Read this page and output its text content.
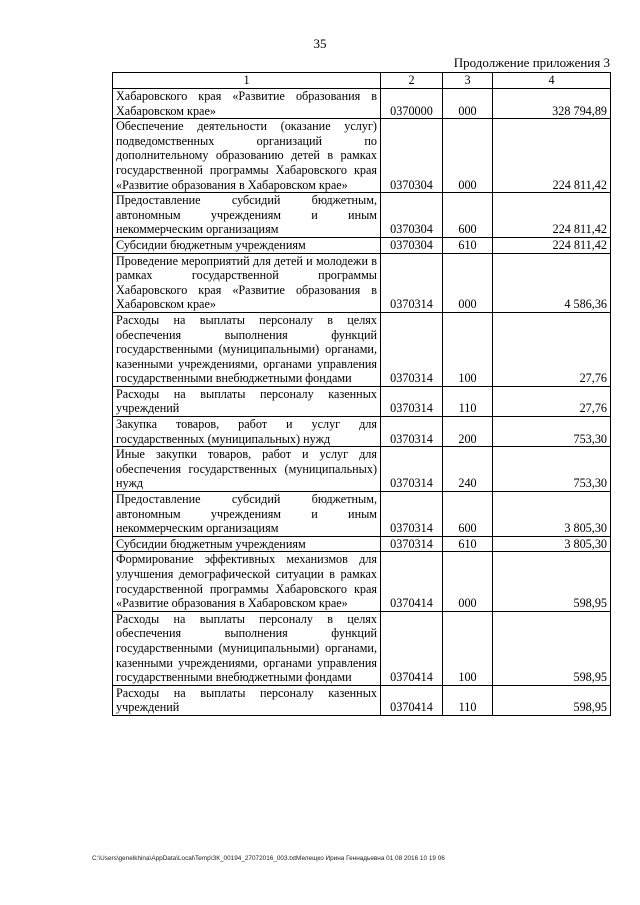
35
Продолжение приложения 3
1	2	3	4
Хабаровского края «Развитие образования в Хабаровском крае»	0370000	000	328 794,89
Обеспечение деятельности (оказание услуг) подведомственных организаций по дополнительному образованию детей в рамках государственной программы Хабаровского края «Развитие образования в Хабаровском крае»	0370304	000	224 811,42
Предоставление субсидий бюджетным, автономным учреждениям и иным некоммерческим организациям	0370304	600	224 811,42
Субсидии бюджетным учреждениям	0370304	610	224 811,42
Проведение мероприятий для детей и молодежи в рамках государственной программы Хабаровского края «Развитие образования в Хабаровском крае»	0370314	000	4 586,36
Расходы на выплаты персоналу в целях обеспечения выполнения функций государственными (муниципальными) органами, казенными учреждениями, органами управления государственными внебюджетными фондами	0370314	100	27,76
Расходы на выплаты персоналу казенных учреждений	0370314	110	27,76
Закупка товаров, работ и услуг для государственных (муниципальных) нужд	0370314	200	753,30
Иные закупки товаров, работ и услуг для обеспечения государственных (муниципальных) нужд	0370314	240	753,30
Предоставление субсидий бюджетным, автономным учреждениям и иным некоммерческим организациям	0370314	600	3 805,30
Субсидии бюджетным учреждениям	0370314	610	3 805,30
Формирование эффективных механизмов для улучшения демографической ситуации в рамках государственной программы Хабаровского края «Развитие образования в Хабаровском крае»	0370414	000	598,95
Расходы на выплаты персоналу в целях обеспечения выполнения функций государственными (муниципальными) органами, казенными учреждениями, органами управления государственными внебюджетными фондами	0370414	100	598,95
Расходы на выплаты персоналу казенных учреждений	0370414	110	598,95
C:\Users\genelkhina\AppData\Local\Temp\ЗК_00194_27072016_003.txtМелещко Ирина Геннадьевна 01 08 2016 10 19 06
